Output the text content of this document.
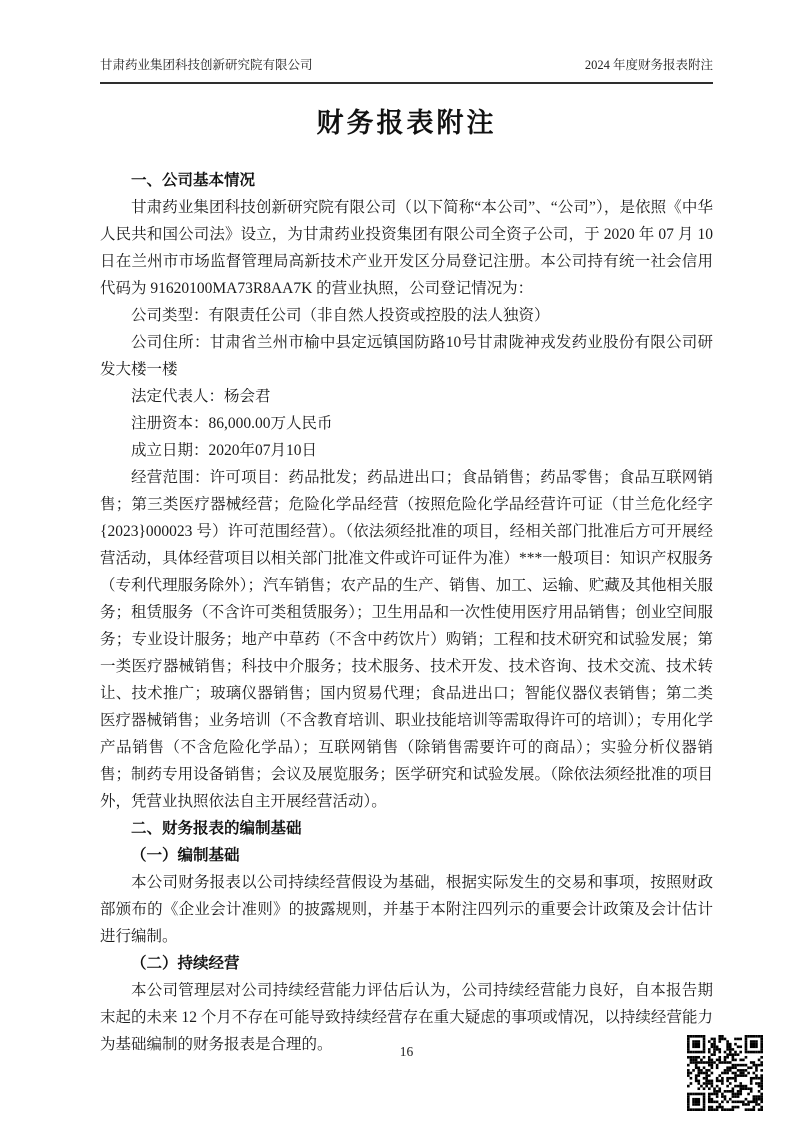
甘肃药业集团科技创新研究院有限公司	2024 年度财务报表附注
财务报表附注
一、公司基本情况

甘肃药业集团科技创新研究院有限公司（以下简称“本公司”、“公司”），是依照《中华人民共和国公司法》设立，为甘肃药业投资集团有限公司全资子公司，于 2020 年 07 月 10 日在兰州市市场监督管理局高新技术产业开发区分局登记注册。本公司持有统一社会信用代码为 91620100MA73R8AA7K 的营业执照，公司登记情况为：

公司类型：有限责任公司（非自然人投资或控股的法人独资）

公司住所：甘肃省兰州市榆中县定远镇国防路10号甘肃陇神戎发药业股份有限公司研发大楼一楼

法定代表人：杨会君

注册资本：86,000.00万人民币

成立日期：2020年07月10日

经营范围：许可项目：药品批发；药品进出口；食品销售；药品零售；食品互联网销售；第三类医疗器械经营；危险化学品经营（按照危险化学品经营许可证（甘兰危化经字{2023}000023 号）许可范围经营）。（依法须经批准的项目，经相关部门批准后方可开展经营活动，具体经营项目以相关部门批准文件或许可证件为准）***一般项目：知识产权服务（专利代理服务除外）；汽车销售；农产品的生产、销售、加工、运输、贮藏及其他相关服务；租赁服务（不含许可类租赁服务）；卫生用品和一次性使用医疗用品销售；创业空间服务；专业设计服务；地产中草药（不含中药饮片）购销；工程和技术研究和试验发展；第一类医疗器械销售；科技中介服务；技术服务、技术开发、技术咨询、技术交流、技术转让、技术推广；玻璃仪器销售；国内贸易代理；食品进出口；智能仪器仪表销售；第二类医疗器械销售；业务培训（不含教育培训、职业技能培训等需取得许可的培训）；专用化学产品销售（不含危险化学品）；互联网销售（除销售需要许可的商品）；实验分析仪器销售；制药专用设备销售；会议及展览服务；医学研究和试验发展。（除依法须经批准的项目外，凭营业执照依法自主开展经营活动）。

二、财务报表的编制基础
（一）编制基础

本公司财务报表以公司持续经营假设为基础，根据实际发生的交易和事项，按照财政部颁布的《企业会计准则》的披露规则，并基于本附注四列示的重要会计政策及会计估计进行编制。

（二）持续经营

本公司管理层对公司持续经营能力评估后认为，公司持续经营能力良好，自本报告期末起的未来 12 个月不存在可能导致持续经营存在重大疑虑的事项或情况，以持续经营能力为基础编制的财务报表是合理的。	16
